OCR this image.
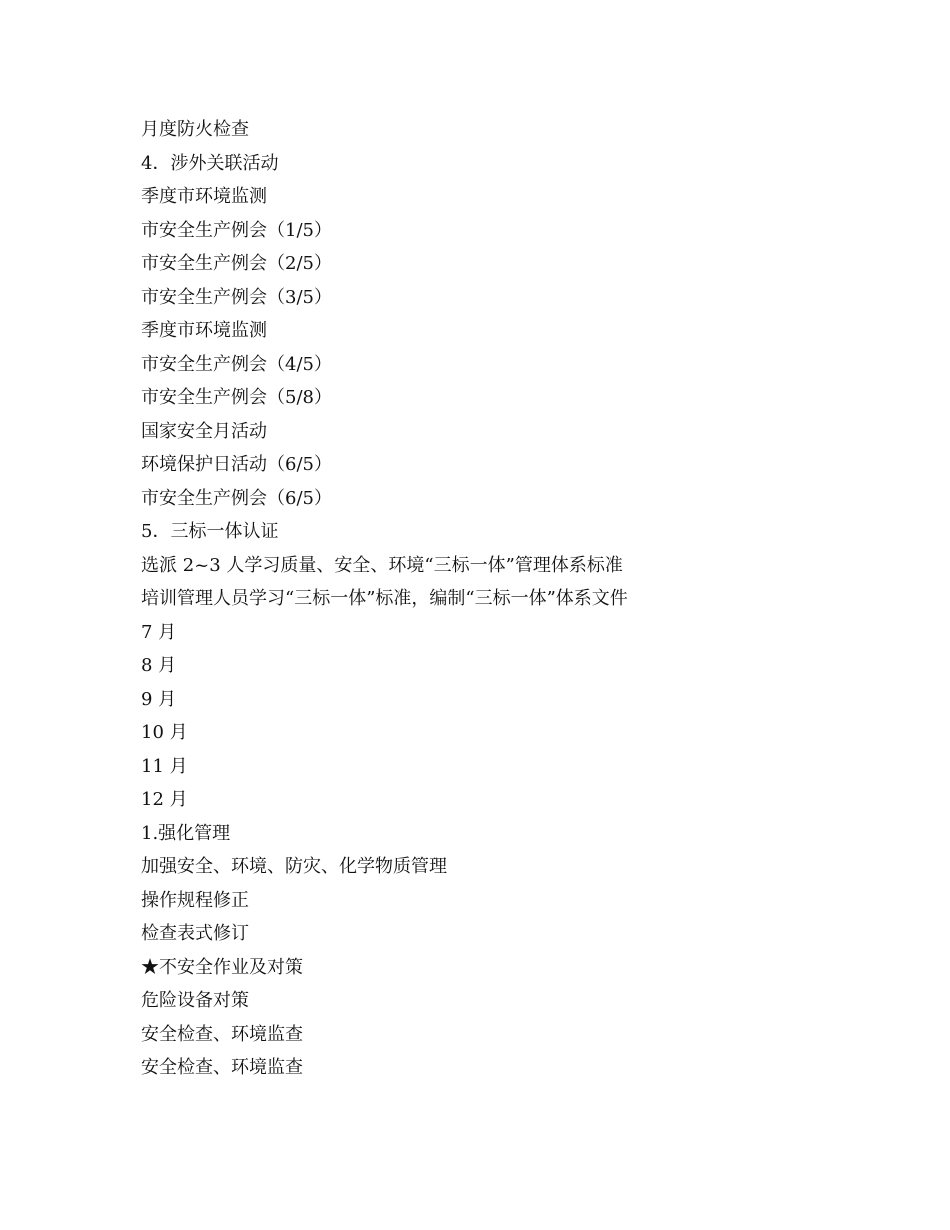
月度防火检查
4．涉外关联活动
季度市环境监测
市安全生产例会（1/5）
市安全生产例会（2/5）
市安全生产例会（3/5）
季度市环境监测
市安全生产例会（4/5）
市安全生产例会（5/8）
国家安全月活动
环境保护日活动（6/5）
市安全生产例会（6/5）
5．三标一体认证
选派 2~3 人学习质量、安全、环境“三标一体”管理体系标准
培训管理人员学习“三标一体”标准，编制“三标一体”体系文件
7 月
8 月
9 月
10 月
11 月
12 月
1.强化管理
加强安全、环境、防灾、化学物质管理
操作规程修正
检查表式修订
★不安全作业及对策
危险设备对策
安全检查、环境监查
安全检查、环境监查
